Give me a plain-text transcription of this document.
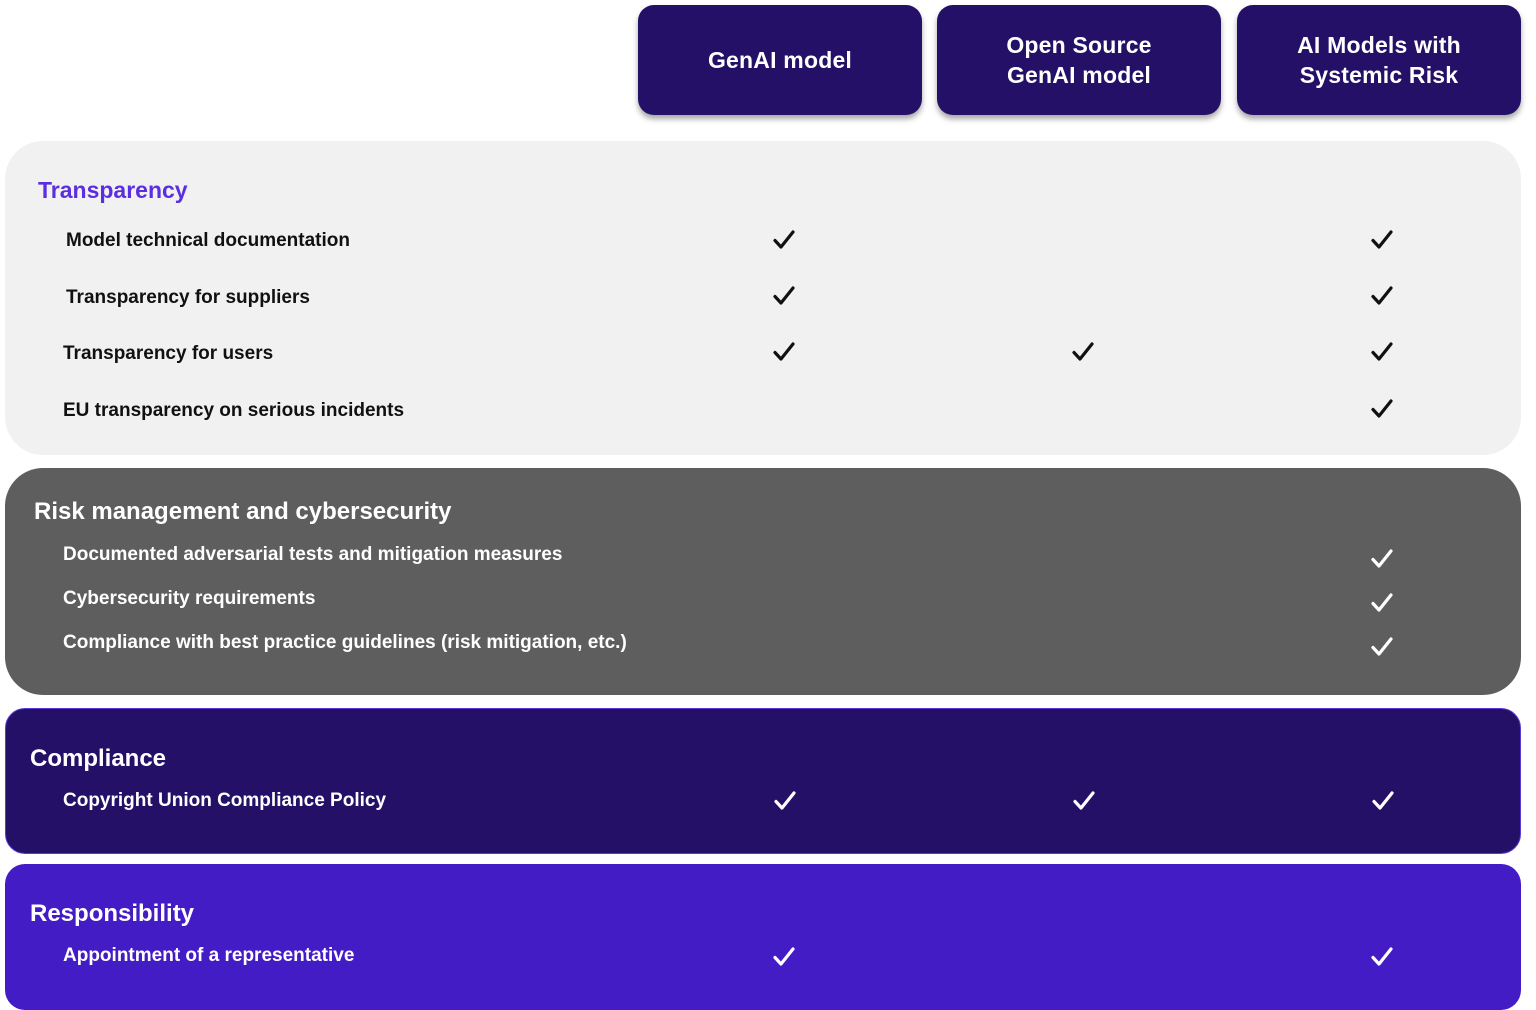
GenAI model
Open Source
GenAI model
AI Models with
Systemic Risk
Transparency
Model technical documentation
Transparency for suppliers
Transparency for users
EU transparency on serious incidents
Risk management and cybersecurity
Documented adversarial tests and mitigation measures
Cybersecurity requirements
Compliance with best practice guidelines (risk mitigation, etc.)
Compliance
Copyright Union Compliance Policy
Responsibility
Appointment of a representative
